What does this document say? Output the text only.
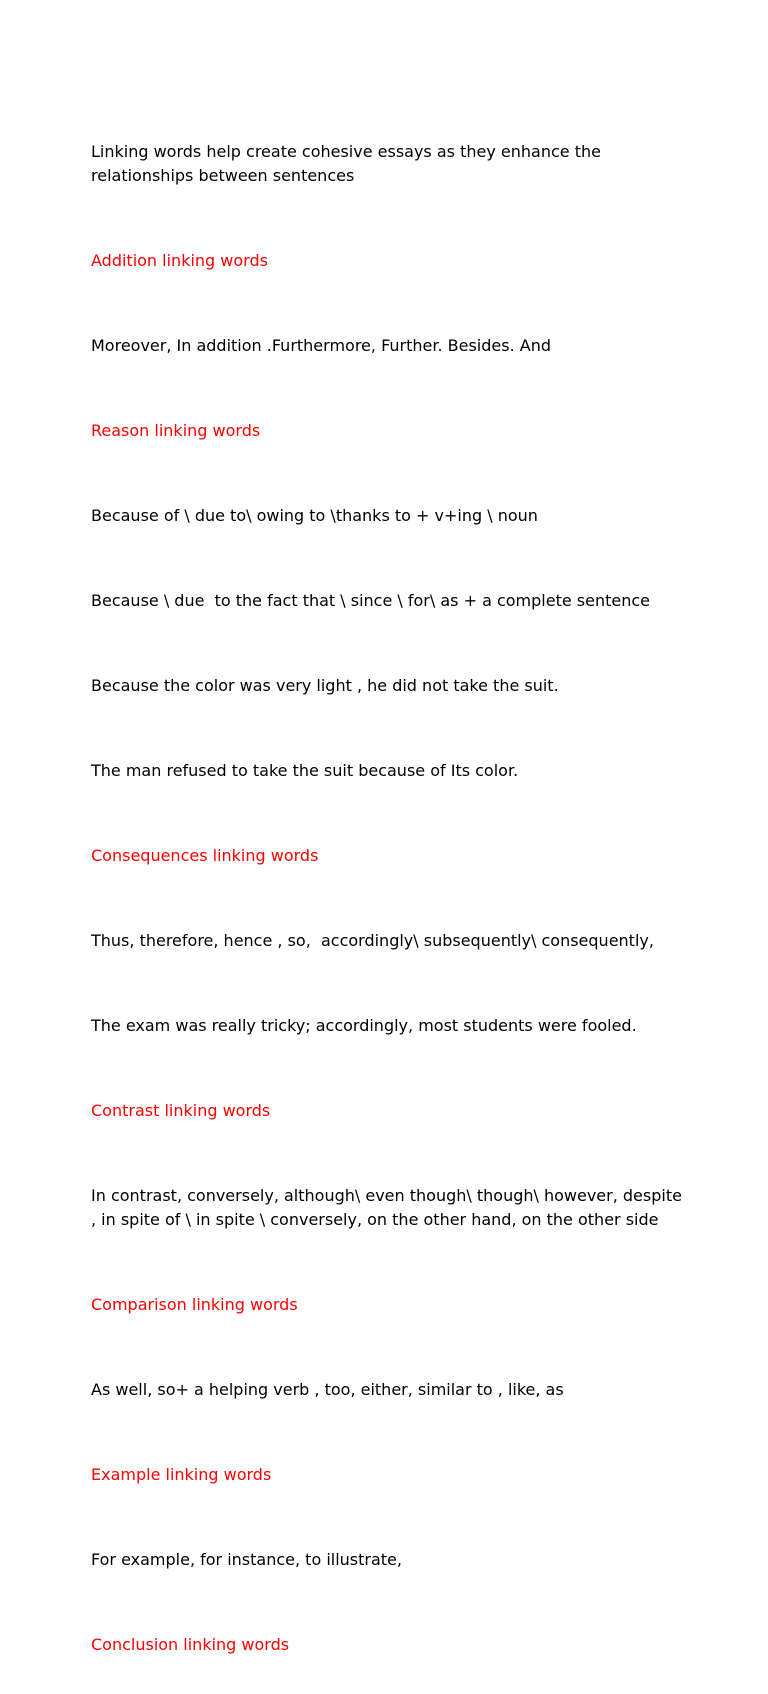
Linking words help create cohesive essays as they enhance the relationships between sentences

Addition linking words

Moreover, In addition .Furthermore, Further. Besides. And

Reason linking words

Because of \ due to\ owing to \thanks to + v+ing \ noun

Because \ due  to the fact that \ since \ for\ as + a complete sentence

Because the color was very light , he did not take the suit.

The man refused to take the suit because of Its color.

Consequences linking words

Thus, therefore, hence , so,  accordingly\ subsequently\ consequently,

The exam was really tricky; accordingly, most students were fooled.

Contrast linking words

In contrast, conversely, although\ even though\ though\ however, despite , in spite of \ in spite \ conversely, on the other hand, on the other side

Comparison linking words

As well, so+ a helping verb , too, either, similar to , like, as

Example linking words

For example, for instance, to illustrate,

Conclusion linking words
